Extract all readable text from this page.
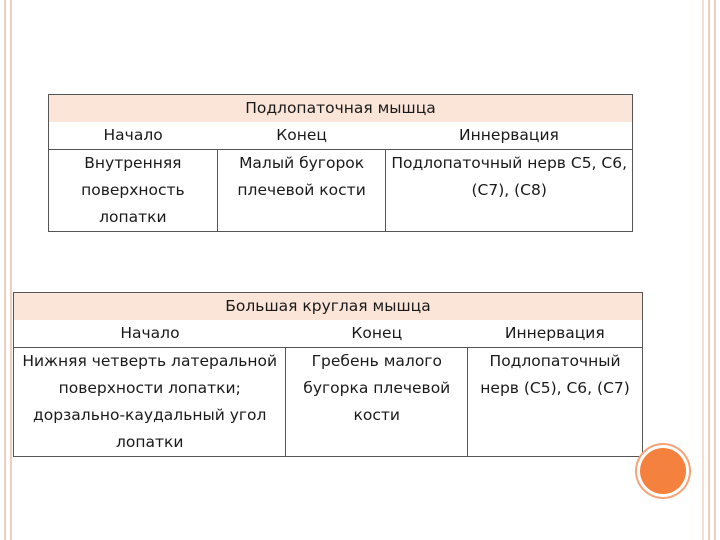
Подлопаточная мышца		
Начало	Конец	Иннервация
Внутренняя поверхность лопатки	Малый бугорок плечевой кости	Подлопаточный нерв С5, С6, (С7), (С8)
Большая круглая мышца		
Начало	Конец	Иннервация
Нижняя четверть латеральной поверхности лопатки; дорзально-каудальный угол лопатки	Гребень малого бугорка плечевой кости	Подлопаточный нерв (С5), С6, (С7)
